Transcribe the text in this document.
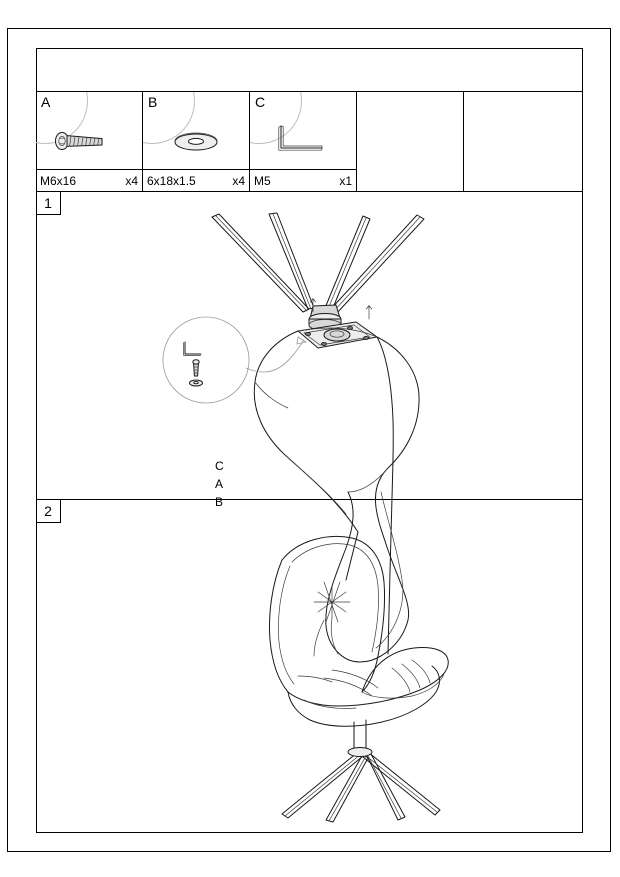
A
M6x16	x4
B
6x18x1.5	x4
C
M5	x1
1
C
A
B
2
